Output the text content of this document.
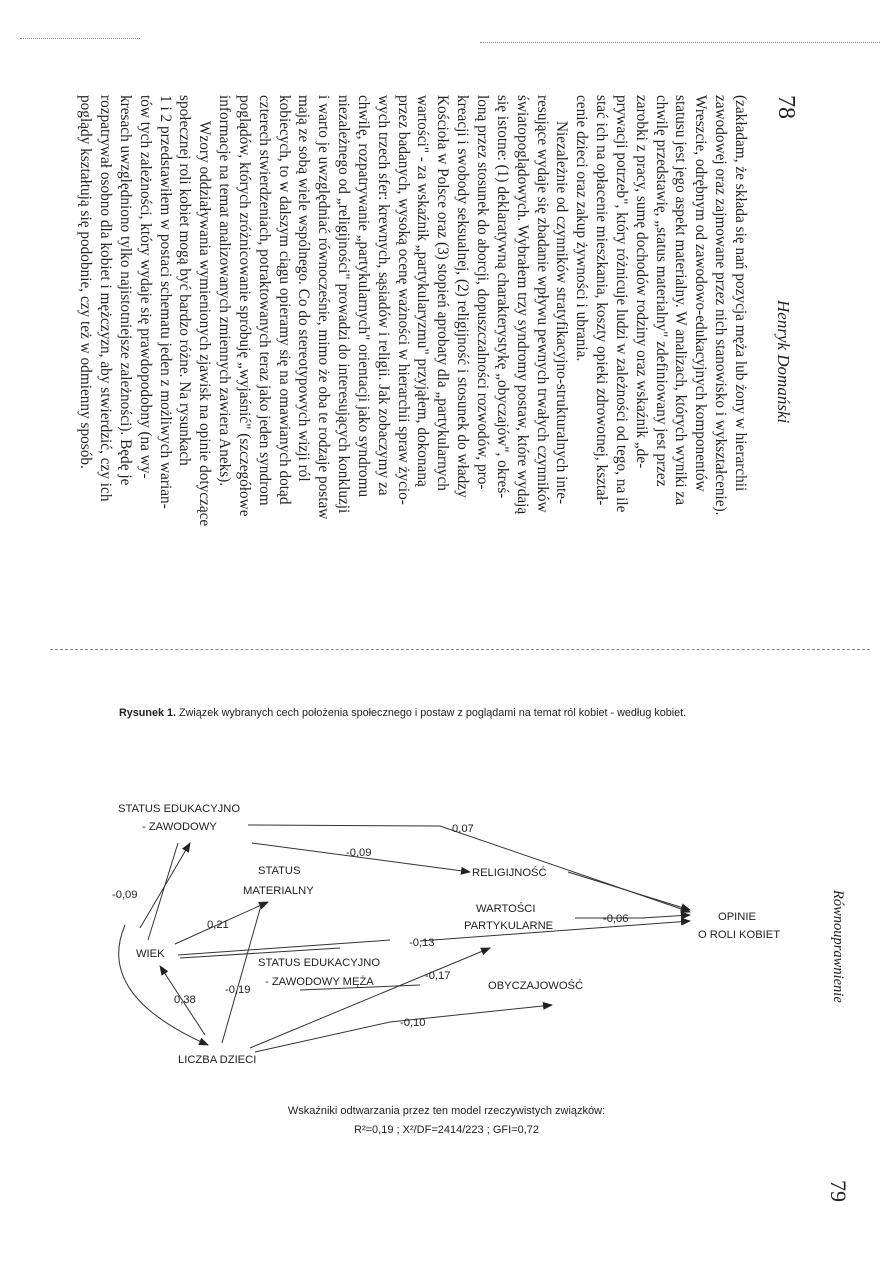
78
Henryk Domański
(zakładam, że składa się nań pozycja męża lub żony w hierarchii
zawodowej oraz zajmowane przez nich stanowisko i wykształcenie).
Wreszcie, odrębnym od zawodowo-edukacyjnych komponentów
statusu jest jego aspekt materialny. W analizach, których wyniki za
chwilę przedstawię, „status materialny" zdefiniowany jest przez
zarobki z pracy, sumę dochodów rodziny oraz wskaźnik „de-
prywacji potrzeb", który różnicuje ludzi w zależności od tego, na ile
stać ich na opłacenie mieszkania, koszty opieki zdrowotnej, kształ-
cenie dzieci oraz zakup żywności i ubrania.
Niezależnie od czynników stratyfikacyjno-strukturalnych inte-
resujące wydaje się zbadanie wpływu pewnych trwałych czynników
światopoglądowych. Wybrałem trzy syndromy postaw, które wydają
się istotne: (1) deklaratywną charakterystykę „obyczajów", okreś-
loną przez stosunek do aborcji, dopuszczalności rozwodów, pro-
kreacji i swobody seksualnej, (2) religijność i stosunek do władzy
Kościoła w Polsce oraz (3) stopień aprobaty dla „partykularnych
wartości" - za wskaźnik „partykularyzmu" przyjąłem, dokonaną
przez badanych, wysoką ocenę ważności w hierarchii spraw życio-
wych trzech sfer: krewnych, sąsiadów i religii. Jak zobaczymy za
chwilę, rozpatrywanie „partykularnych" orientacji jako syndromu
niezależnego od „religijności" prowadzi do interesujących konkluzji
i warto je uwzględniać równocześnie, mimo że oba te rodzaje postaw
mają ze sobą wiele wspólnego. Co do stereotypowych wizji ról
kobiecych, to w dalszym ciągu opieramy się na omawianych dotąd
czterech stwierdzeniach, potraktowanych teraz jako jeden syndrom
poglądów, których zróżnicowanie spróbuję „wyjaśnić" (szczegółowe
informacje na temat analizowanych zmiennych zawiera Aneks).
Wzory oddziaływania wymienionych zjawisk na opinie dotyczące
społecznej roli kobiet mogą być bardzo różne. Na rysunkach
1 i 2 przedstawiłem w postaci schematu jeden z możliwych warian-
tów tych zależności, który wydaje się prawdopodobny (na wy-
kresach uwzględniono tylko najistotniejsze zależności). Będę je
rozpatrywał osobno dla kobiet i mężczyzn, aby stwierdzić, czy ich
poglądy kształtują się podobnie, czy też w odmienny sposób.
Rysunek 1. Związek wybranych cech położenia społecznego i postaw z poglądami na temat ról kobiet - według kobiet.
STATUS EDUKACYJNO
- ZAWODOWY
STATUS
MATERIALNY
WIEK
STATUS EDUKACYJNO
- ZAWODOWY MĘŻA
LICZBA DZIECI
RELIGIJNOŚĆ
WARTOŚCI
PARTYKULARNE
OBYCZAJOWOŚĆ
OPINIE
O ROLI KOBIET
0,07
-0,09
-0,09
0,21	-0,06
-0,13
-0,17
-0,19
0,38
-0,10
Wskaźniki odtwarzania przez ten model rzeczywistych związków:
R²=0,19 ; X²/DF=2414/223 ; GFI=0,72
Równouprawnienie
79
